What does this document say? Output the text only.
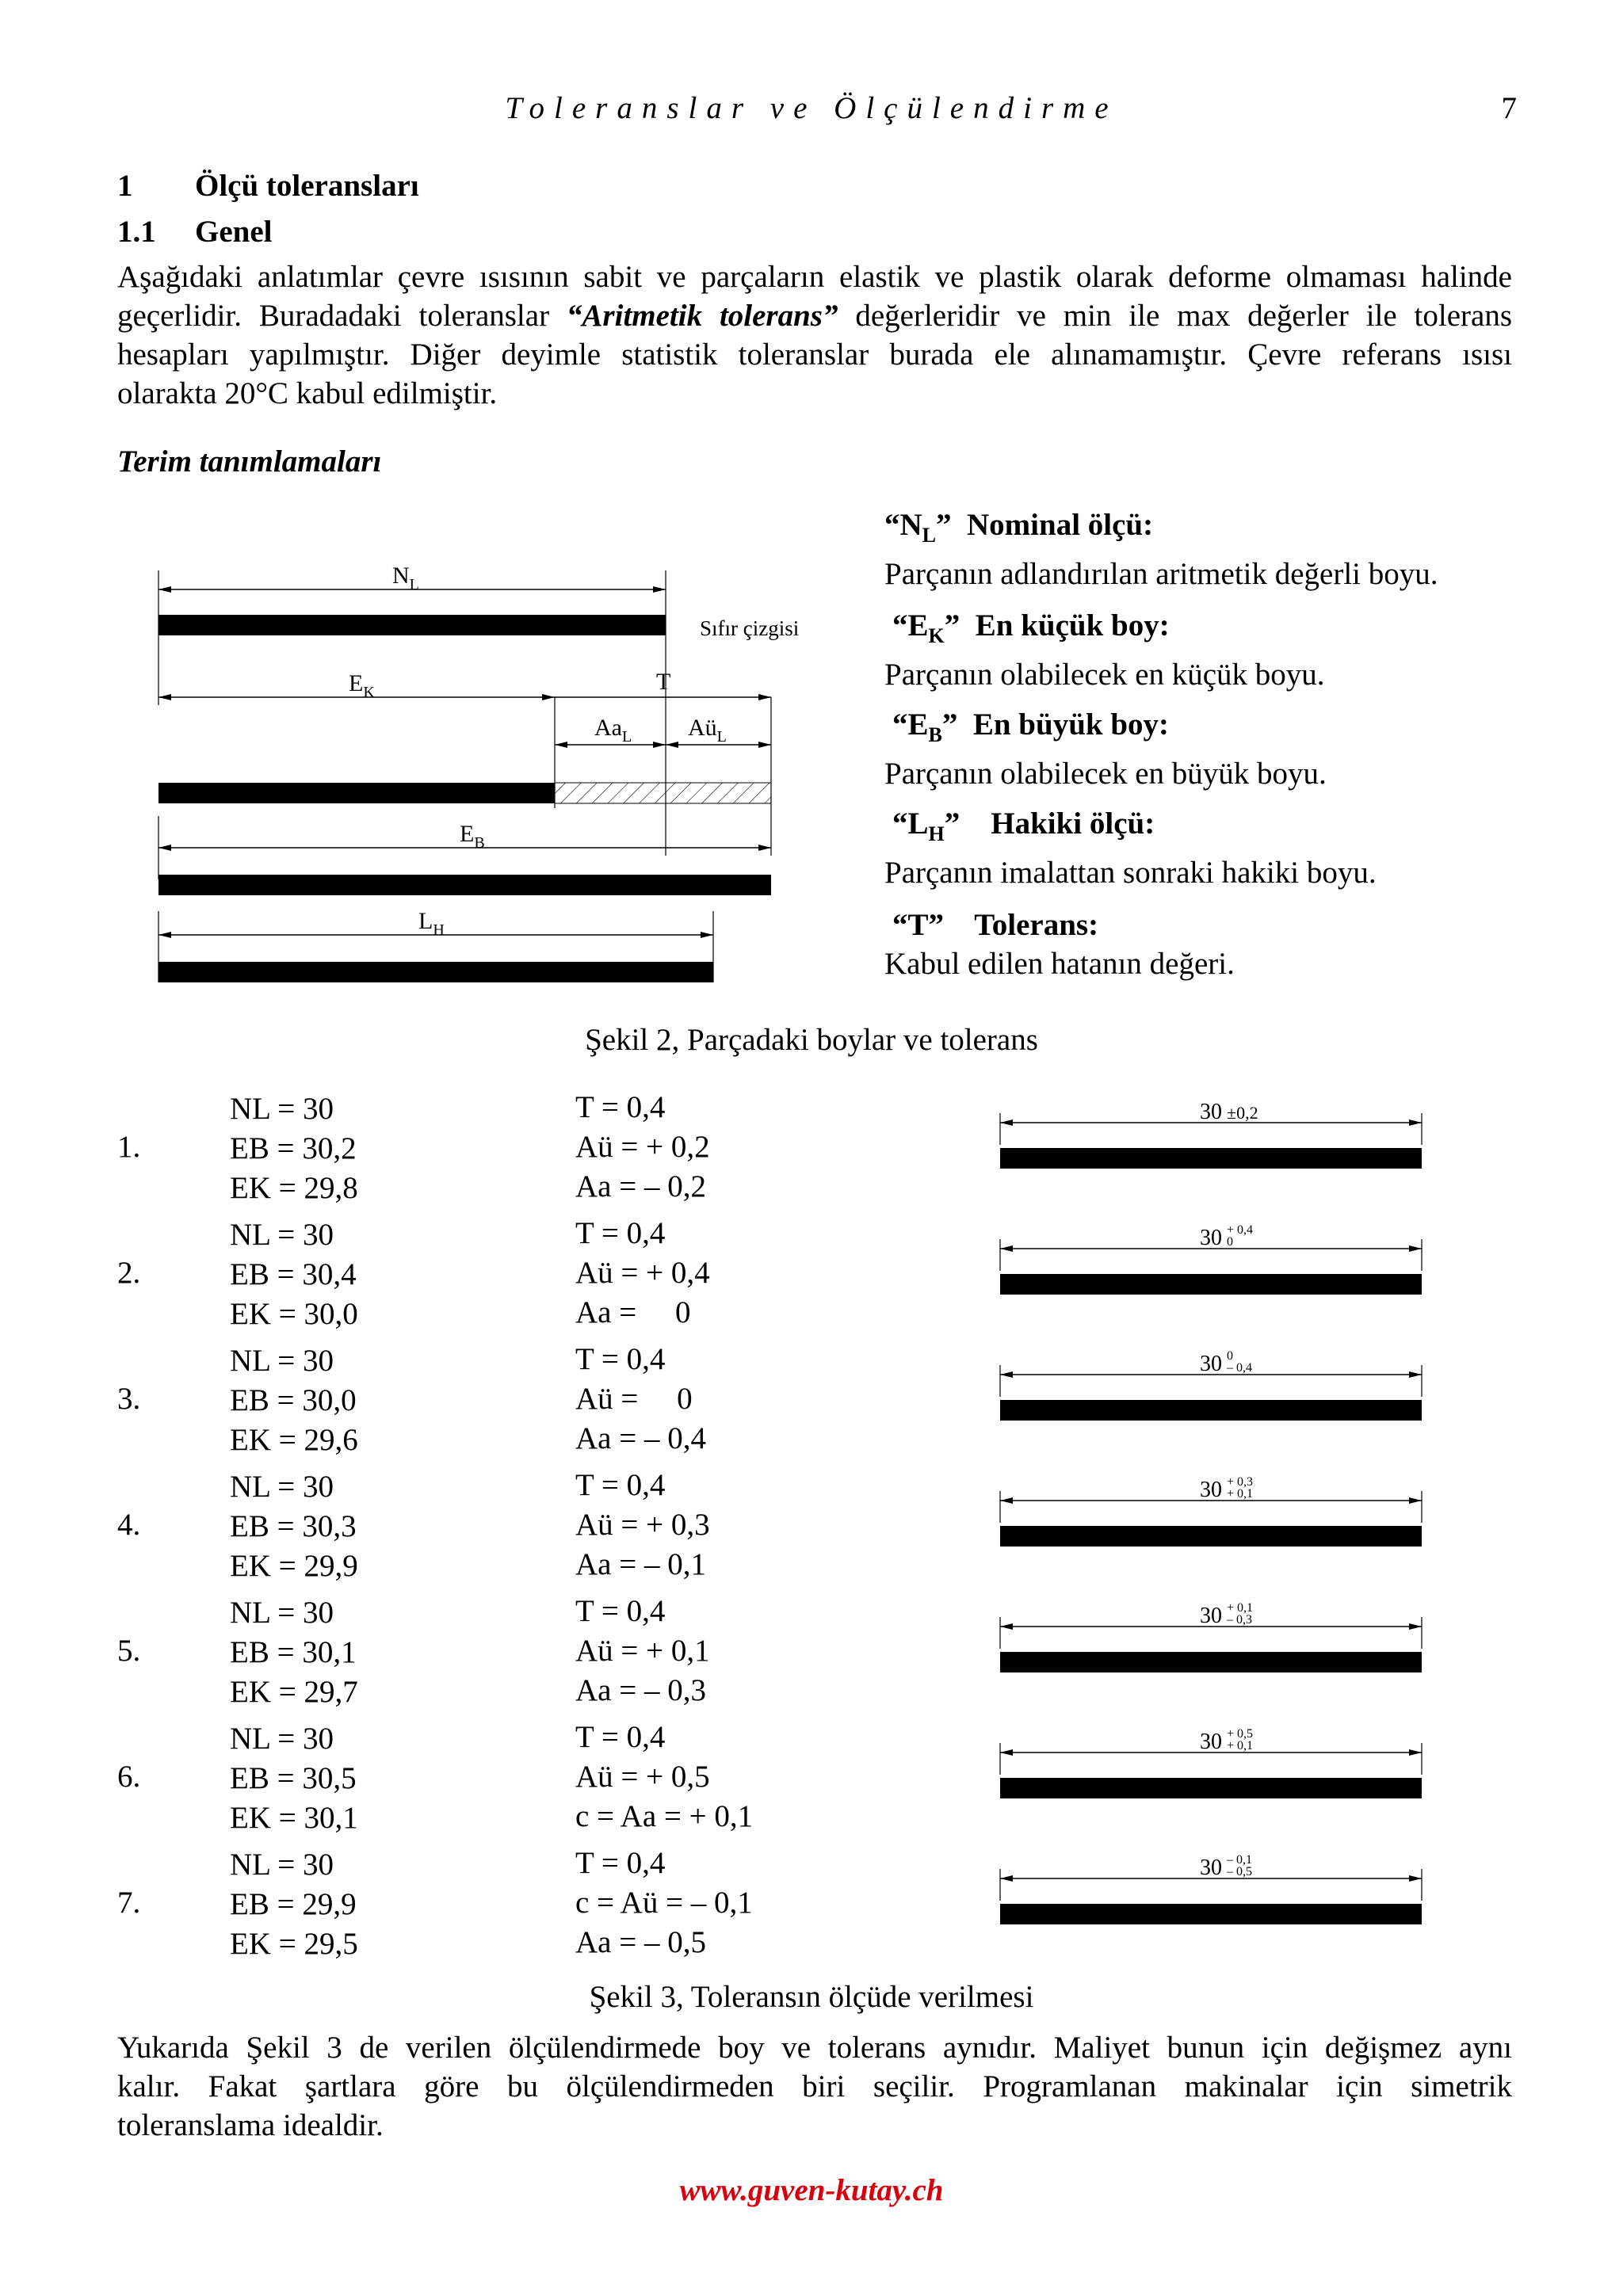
Toleranslar ve Ölçülendirme	7
1 Ölçü toleransları
1.1 Genel
Aşağıdaki anlatımlar çevre ısısının sabit ve parçaların elastik ve plastik olarak deforme olmaması halinde
geçerlidir. Buradadaki toleranslar “Aritmetik tolerans” değerleridir ve min ile max değerler ile tolerans
hesapları yapılmıştır. Diğer deyimle statistik toleranslar burada ele alınamamıştır. Çevre referans ısısı
olarakta 20°C kabul edilmiştir.
Terim tanımlamaları
$N_L$
Sıfır çizgisi
$E_K$	T
$Aa_L$ $Aü_L$
$E_B$
$L_H$
“$N_L$”  Nominal ölçü:
Parçanın adlandırılan aritmetik değerli boyu.
“$E_K$”  En küçük boy:
Parçanın olabilecek en küçük boyu.
“$E_B$”  En büyük boy:
Parçanın olabilecek en büyük boyu.
“$L_H$”    Hakiki ölçü:
Parçanın imalattan sonraki hakiki boyu.
“T”    Tolerans:
Kabul edilen hatanın değeri.
Şekil 2, Parçadaki boylar ve tolerans
1.
NL = 30
EB = 30,2
EK = 29,8
T = 0,4
Aü = + 0,2
Aa = – 0,2
30 ±0,2
2.
NL = 30
EB = 30,4
EK = 30,0
T = 0,4
Aü = + 0,4
Aa =     0
30 + 0,4
0
3.
NL = 30
EB = 30,0
EK = 29,6
T = 0,4
Aü =     0
Aa = – 0,4
30 0
– 0,4
4.
NL = 30
EB = 30,3
EK = 29,9
T = 0,4
Aü = + 0,3
Aa = – 0,1
30 + 0,3
+ 0,1
5.
NL = 30
EB = 30,1
EK = 29,7
T = 0,4
Aü = + 0,1
Aa = – 0,3
30 + 0,1
– 0,3
6.
NL = 30
EB = 30,5
EK = 30,1
T = 0,4
Aü = + 0,5
c = Aa = + 0,1
30 + 0,5
+ 0,1
7.
NL = 30
EB = 29,9
EK = 29,5
T = 0,4
c = Aü = – 0,1
Aa = – 0,5
30 – 0,1
– 0,5
Şekil 3, Toleransın ölçüde verilmesi
Yukarıda Şekil 3 de verilen ölçülendirmede boy ve tolerans aynıdır. Maliyet bunun için değişmez aynı
kalır. Fakat şartlara göre bu ölçülendirmeden biri seçilir. Programlanan makinalar için simetrik
toleranslama idealdir.
www.guven-kutay.ch
